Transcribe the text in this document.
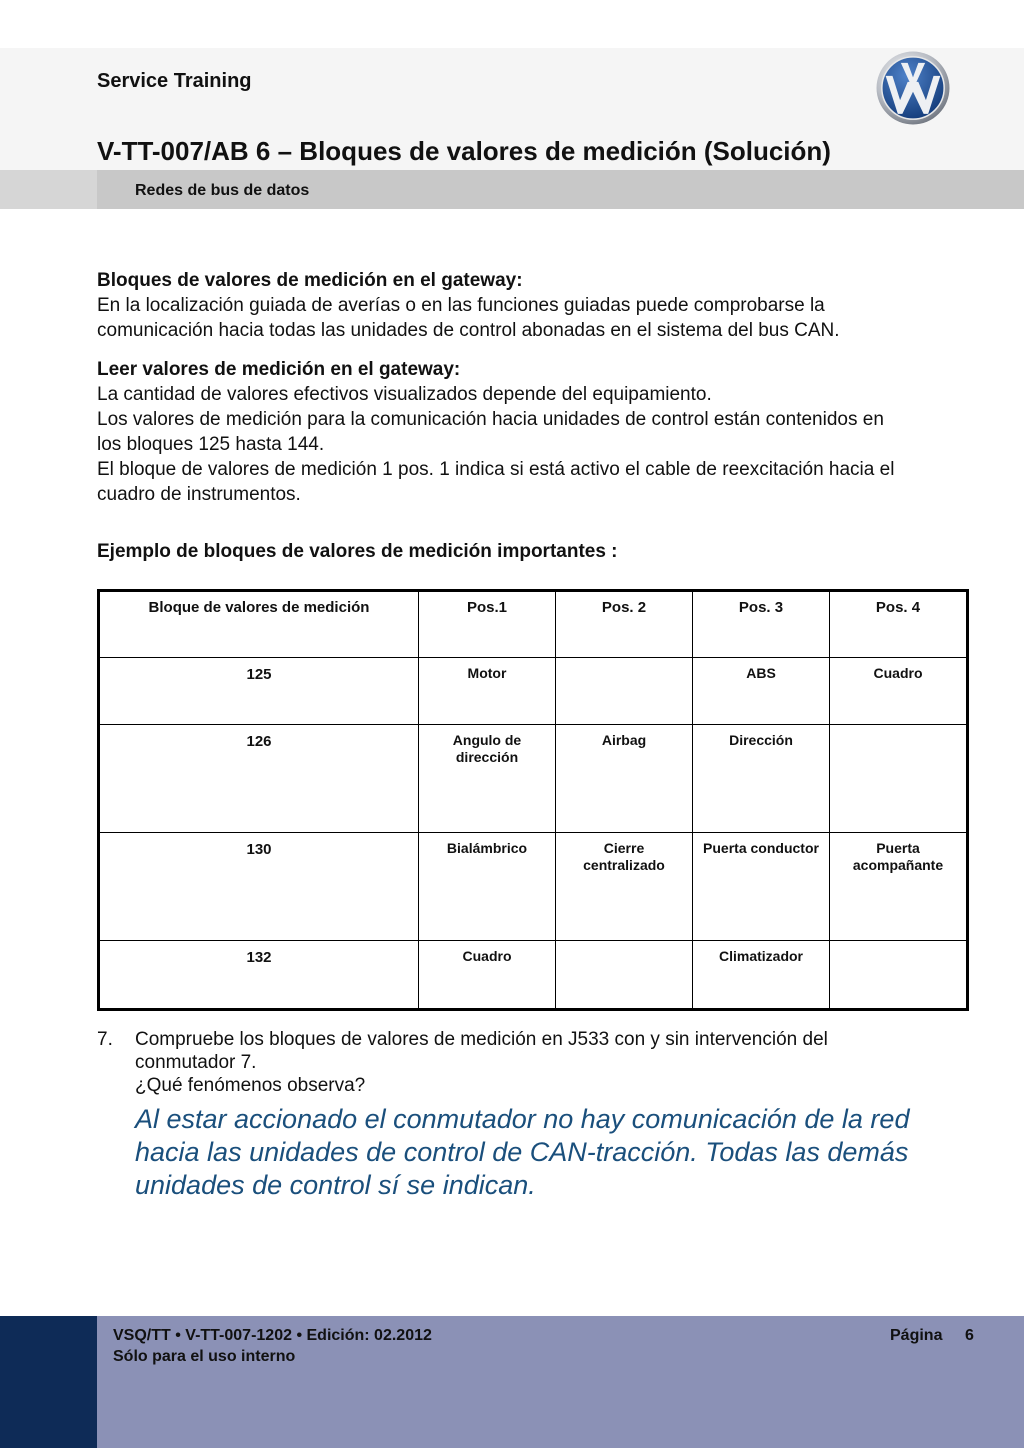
Service Training
V-TT-007/AB 6 – Bloques de valores de medición (Solución)
Redes de bus de datos

Bloques de valores de medición en el gateway:

En la localización guiada de averías o en las funciones guiadas puede comprobarse la

comunicación hacia todas las unidades de control abonadas en el sistema del bus CAN.

Leer valores de medición en el gateway:

La cantidad de valores efectivos visualizados depende del equipamiento.

Los valores de medición para la comunicación hacia unidades de control están contenidos en

los bloques 125 hasta 144.

El bloque de valores de medición 1 pos. 1 indica si está activo el cable de reexcitación hacia el

cuadro de instrumentos.

Ejemplo de bloques de valores de medición importantes :

Bloque de valores de medición	Pos.1	Pos. 2	Pos. 3	Pos. 4
125	Motor		ABS	Cuadro
126	Angulo de dirección	Airbag	Dirección	
130	Bialámbrico	Cierre centralizado	Puerta conductor	Puerta acompañante
132	Cuadro		Climatizador	
7. Compruebe los bloques de valores de medición en J533 con y sin intervención del
conmutador 7.
¿Qué fenómenos observa?
Al estar accionado el conmutador no hay comunicación de la red hacia las unidades de control de CAN-tracción. Todas las demás unidades de control sí se indican.
VSQ/TT • V-TT-007-1202 • Edición: 02.2012
Sólo para el uso interno
Página 6
